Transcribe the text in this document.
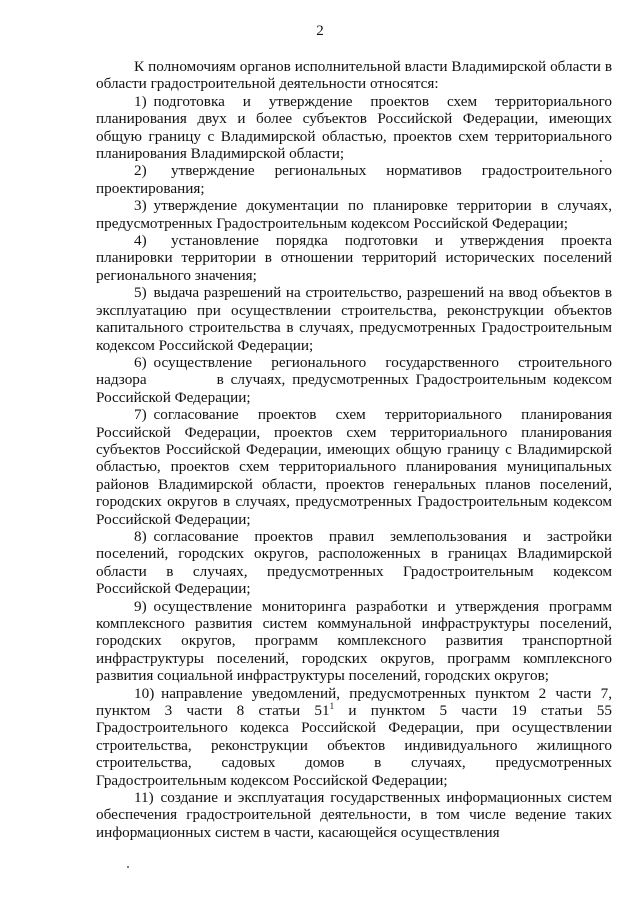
2

К полномочиям органов исполнительной власти Владимирской области в области градостроительной деятельности относятся:

1) подготовка и утверждение проектов схем территориального планирования двух и более субъектов Российской Федерации, имеющих общую границу с Владимирской областью, проектов схем территориального планирования Владимирской области;

2) утверждение региональных нормативов градостроительного проектирования;

3) утверждение документации по планировке территории в случаях, предусмотренных Градостроительным кодексом Российской Федерации;

4) установление порядка подготовки и утверждения проекта планировки территории в отношении территорий исторических поселений регионального значения;

5) выдача разрешений на строительство, разрешений на ввод объектов в эксплуатацию при осуществлении строительства, реконструкции объектов капитального строительства в случаях, предусмотренных Градостроительным кодексом Российской Федерации;

6) осуществление регионального государственного строительного надзора	в случаях, предусмотренных Градостроительным кодексом Российской Федерации;

7) согласование проектов схем территориального планирования Российской Федерации, проектов схем территориального планирования субъектов Российской Федерации, имеющих общую границу с Владимирской областью, проектов схем территориального планирования муниципальных районов Владимирской области, проектов генеральных планов поселений, городских округов в случаях, предусмотренных Градостроительным кодексом Российской Федерации;

8) согласование проектов правил землепользования и застройки поселений, городских округов, расположенных в границах Владимирской области в случаях, предусмотренных Градостроительным кодексом Российской Федерации;

9) осуществление мониторинга разработки и утверждения программ комплексного развития систем коммунальной инфраструктуры поселений, городских округов, программ комплексного развития транспортной инфраструктуры поселений, городских округов, программ комплексного развития социальной инфраструктуры поселений, городских округов;

10) направление уведомлений, предусмотренных пунктом 2 части 7, пунктом 3 части 8 статьи $51^1$ и пунктом 5 части 19 статьи 55 Градостроительного кодекса Российской Федерации, при осуществлении строительства, реконструкции объектов индивидуального жилищного строительства, садовых домов в случаях, предусмотренных Градостроительным кодексом Российской Федерации;

11) создание и эксплуатация государственных информационных систем обеспечения градостроительной деятельности, в том числе ведение таких информационных систем в части, касающейся осуществления
